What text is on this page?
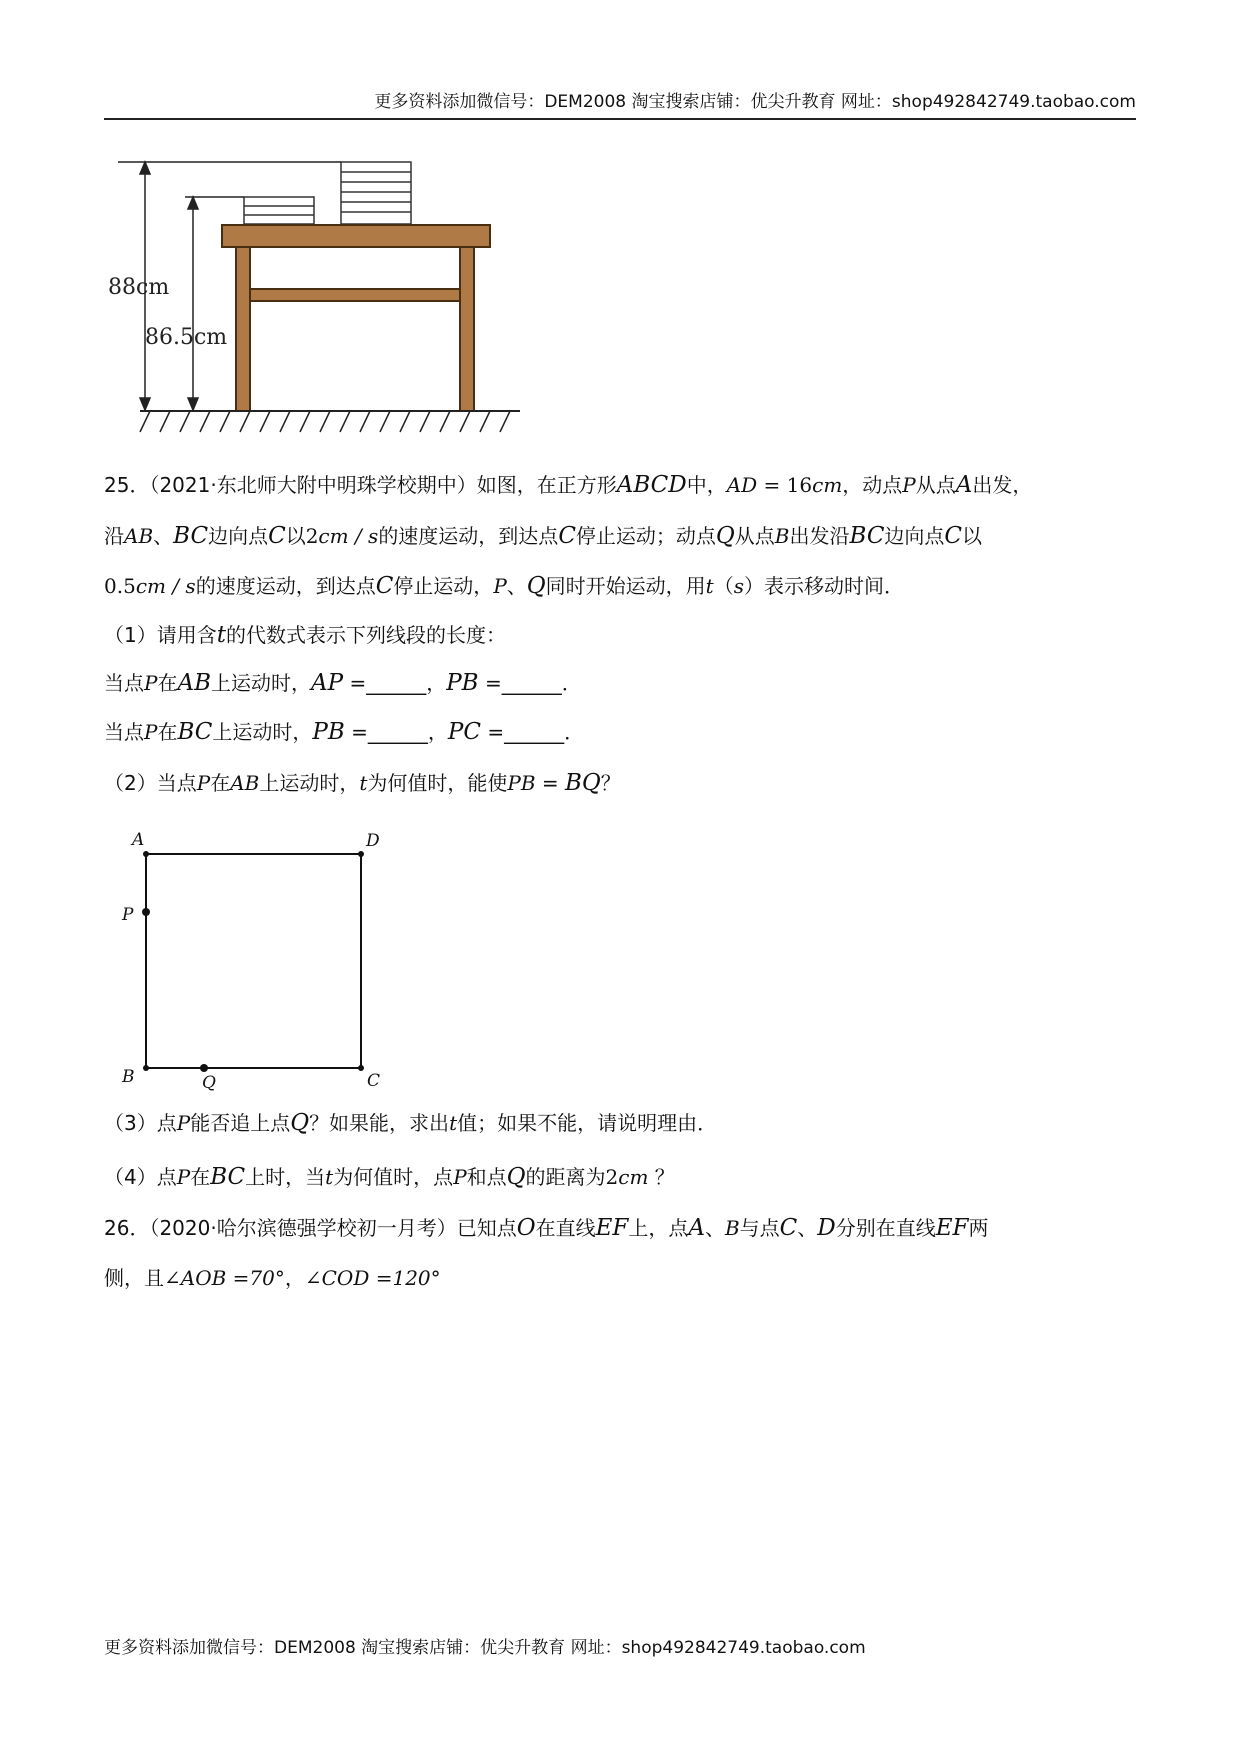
更多资料添加微信号：DEM2008 淘宝搜索店铺：优尖升教育 网址：shop492842749.taobao.com
88cm
86.5cm
A	D
P
B	Q	C
25．（2021·东北师大附中明珠学校期中）如图，在正方形ABCD中，AD = 16cm，动点P从点A出发，
沿AB、BC边向点C以2cm / s的速度运动，到达点C停止运动；动点Q从点B出发沿BC边向点C以
0.5cm / s的速度运动，到达点C停止运动，P、Q同时开始运动，用t（s）表示移动时间．
（1）请用含t的代数式表示下列线段的长度：
当点P在AB上运动时，AP =______，PB =______．
当点P在BC上运动时，PB =______，PC =______．
（2）当点P在AB上运动时，t为何值时，能使PB = BQ？
（3）点P能否追上点Q？如果能，求出t值；如果不能，请说明理由．
（4）点P在BC上时，当t为何值时，点P和点Q的距离为2cm ？
26．（2020·哈尔滨德强学校初一月考）已知点O在直线EF上，点A、B与点C、D分别在直线EF两
侧，且∠AOB =70°，∠COD =120°
更多资料添加微信号：DEM2008 淘宝搜索店铺：优尖升教育 网址：shop492842749.taobao.com
